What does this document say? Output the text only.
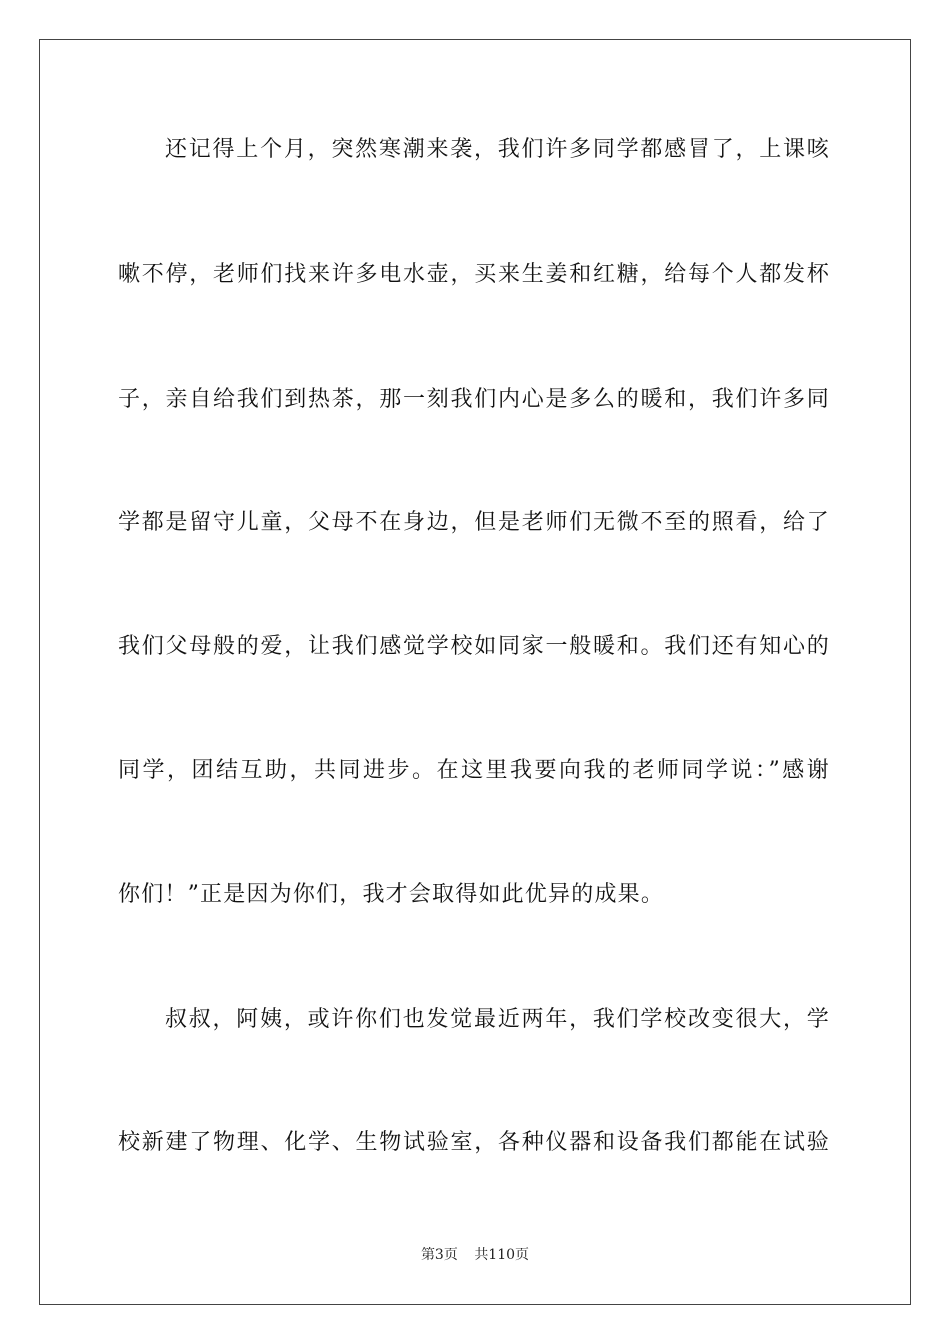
还记得上个月，突然寒潮来袭，我们许多同学都感冒了，上课咳
嗽不停，老师们找来许多电水壶，买来生姜和红糖，给每个人都发杯
子，亲自给我们到热茶，那一刻我们内心是多么的暖和，我们许多同
学都是留守儿童，父母不在身边，但是老师们无微不至的照看，给了
我们父母般的爱，让我们感觉学校如同家一般暖和。我们还有知心的
同学，团结互助，共同进步。在这里我要向我的老师同学说：”感谢
你们！”正是因为你们，我才会取得如此优异的成果。
叔叔，阿姨，或许你们也发觉最近两年，我们学校改变很大，学
校新建了物理、化学、生物试验室，各种仪器和设备我们都能在试验
第3页 共110页
